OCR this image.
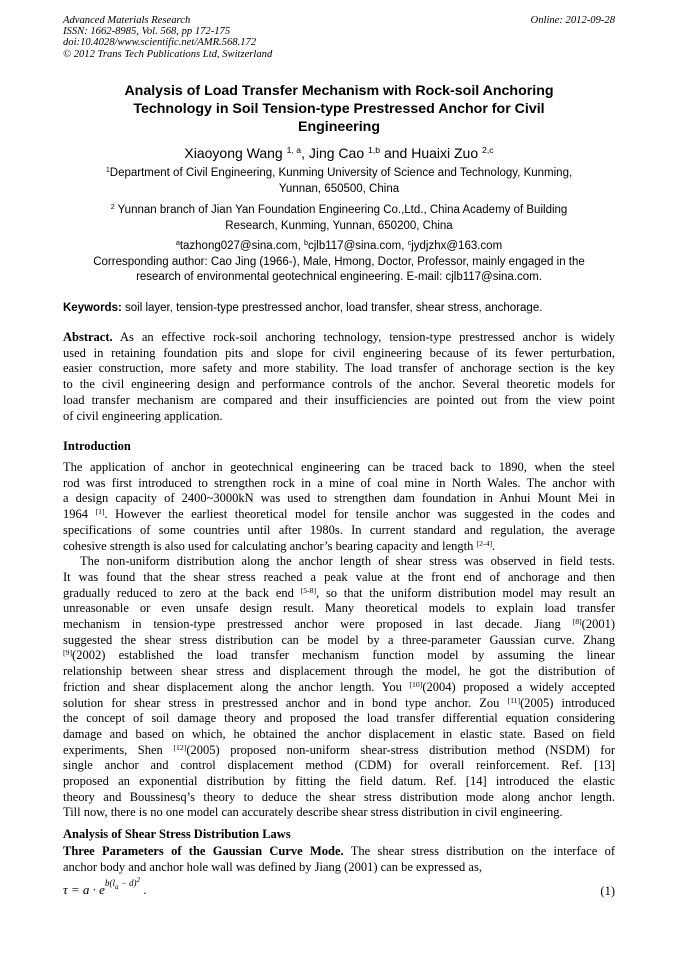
Advanced Materials Research
ISSN: 1662-8985, Vol. 568, pp 172-175
doi:10.4028/www.scientific.net/AMR.568.172
© 2012 Trans Tech Publications Ltd, Switzerland
Online: 2012-09-28
Analysis of Load Transfer Mechanism with Rock-soil Anchoring
Technology in Soil Tension-type Prestressed Anchor for Civil
Engineering
Xiaoyong Wang $^{1, a}$, Jing Cao $^{1,b}$ and Huaixi Zuo $^{2,c}$
$^1$Department of Civil Engineering, Kunming University of Science and Technology, Kunming,
Yunnan, 650500, China
$^2$ Yunnan branch of Jian Yan Foundation Engineering Co.,Ltd., China Academy of Building
Research, Kunming, Yunnan, 650200, China
$^a$tazhong027@sina.com, $^b$cjlb117@sina.com, $^c$jydjzhx@163.com
Corresponding author: Cao Jing (1966-), Male, Hmong, Doctor, Professor, mainly engaged in the
research of environmental geotechnical engineering. E-mail: cjlb117@sina.com.
Keywords: soil layer, tension-type prestressed anchor, load transfer, shear stress, anchorage.
Abstract. As an effective rock-soil anchoring technology, tension-type prestressed anchor is widely
used in retaining foundation pits and slope for civil engineering because of its fewer perturbation,
easier construction, more safety and more stability. The load transfer of anchorage section is the key
to the civil engineering design and performance controls of the anchor. Several theoretic models for
load transfer mechanism are compared and their insufficiencies are pointed out from the view point
of civil engineering application.
Introduction
The application of anchor in geotechnical engineering can be traced back to 1890, when the steel
rod was first introduced to strengthen rock in a mine of coal mine in North Wales. The anchor with
a design capacity of 2400~3000kN was used to strengthen dam foundation in Anhui Mount Mei in
1964 [1]. However the earliest theoretical model for tensile anchor was suggested in the codes and
specifications of some countries until after 1980s. In current standard and regulation, the average
cohesive strength is also used for calculating anchor’s bearing capacity and length [2-4].
The non-uniform distribution along the anchor length of shear stress was observed in field tests.
It was found that the shear stress reached a peak value at the front end of anchorage and then
gradually reduced to zero at the back end [5-8], so that the uniform distribution model may result an
unreasonable or even unsafe design result. Many theoretical models to explain load transfer
mechanism in tension-type prestressed anchor were proposed in last decade. Jiang [8](2001)
suggested the shear stress distribution can be model by a three-parameter Gaussian curve. Zhang
[9](2002) established the load transfer mechanism function model by assuming the linear
relationship between shear stress and displacement through the model, he got the distribution of
friction and shear displacement along the anchor length. You [10](2004) proposed a widely accepted
solution for shear stress in prestressed anchor and in bond type anchor. Zou [11](2005) introduced
the concept of soil damage theory and proposed the load transfer differential equation considering
damage and based on which, he obtained the anchor displacement in elastic state. Based on field
experiments, Shen [12](2005) proposed non-uniform shear-stress distribution method (NSDM) for
single anchor and control displacement method (CDM) for overall reinforcement. Ref. [13]
proposed an exponential distribution by fitting the field datum. Ref. [14] introduced the elastic
theory and Boussinesq’s theory to deduce the shear stress distribution mode along anchor length.
Till now, there is no one model can accurately describe shear stress distribution in civil engineering.
Analysis of Shear Stress Distribution Laws
Three Parameters of the Gaussian Curve Mode. The shear stress distribution on the interface of
anchor body and anchor hole wall was defined by Jiang (2001) can be expressed as,
$\tau = a \cdot e^{b(l_a - d)^2}$ .	(1)
